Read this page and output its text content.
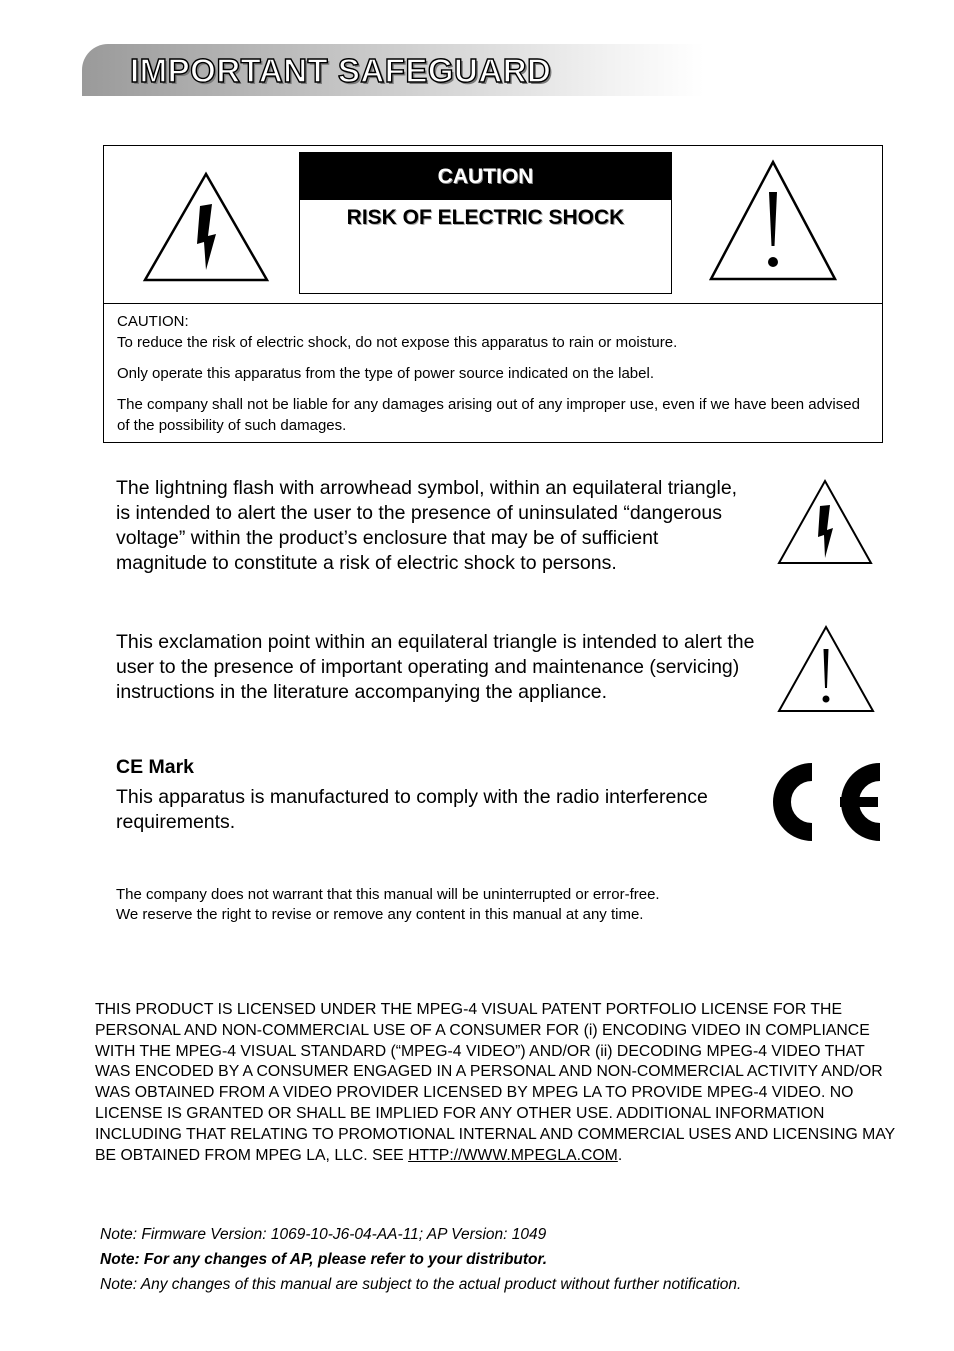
IMPORTANT SAFEGUARD
CAUTION
RISK OF ELECTRIC SHOCK
CAUTION:
To reduce the risk of electric shock, do not expose this apparatus to rain or moisture.
Only operate this apparatus from the type of power source indicated on the label.
The company shall not be liable for any damages arising out of any improper use, even if we have been advised of the possibility of such damages.
The lightning flash with arrowhead symbol, within an equilateral triangle, is intended to alert the user to the presence of uninsulated “dangerous voltage” within the product’s enclosure that may be of sufficient magnitude to constitute a risk of electric shock to persons.
This exclamation point within an equilateral triangle is intended to alert the user to the presence of important operating and maintenance (servicing) instructions in the literature accompanying the appliance.
CE Mark
This apparatus is manufactured to comply with the radio interference requirements.
The company does not warrant that this manual will be uninterrupted or error-free.
We reserve the right to revise or remove any content in this manual at any time.
THIS PRODUCT IS LICENSED UNDER THE MPEG-4 VISUAL PATENT PORTFOLIO LICENSE FOR THE PERSONAL AND NON-COMMERCIAL USE OF A CONSUMER FOR (i) ENCODING VIDEO IN COMPLIANCE WITH THE MPEG-4 VISUAL STANDARD (“MPEG-4 VIDEO”) AND/OR (ii) DECODING MPEG-4 VIDEO THAT WAS ENCODED BY A CONSUMER ENGAGED IN A PERSONAL AND NON-COMMERCIAL ACTIVITY AND/OR WAS OBTAINED FROM A VIDEO PROVIDER LICENSED BY MPEG LA TO PROVIDE MPEG-4 VIDEO. NO LICENSE IS GRANTED OR SHALL BE IMPLIED FOR ANY OTHER USE. ADDITIONAL INFORMATION INCLUDING THAT RELATING TO PROMOTIONAL INTERNAL AND COMMERCIAL USES AND LICENSING MAY BE OBTAINED FROM MPEG LA, LLC. SEE HTTP://WWW.MPEGLA.COM.
Note: Firmware Version: 1069-10-J6-04-AA-11; AP Version: 1049
Note: For any changes of AP, please refer to your distributor.
Note: Any changes of this manual are subject to the actual product without further notification.
